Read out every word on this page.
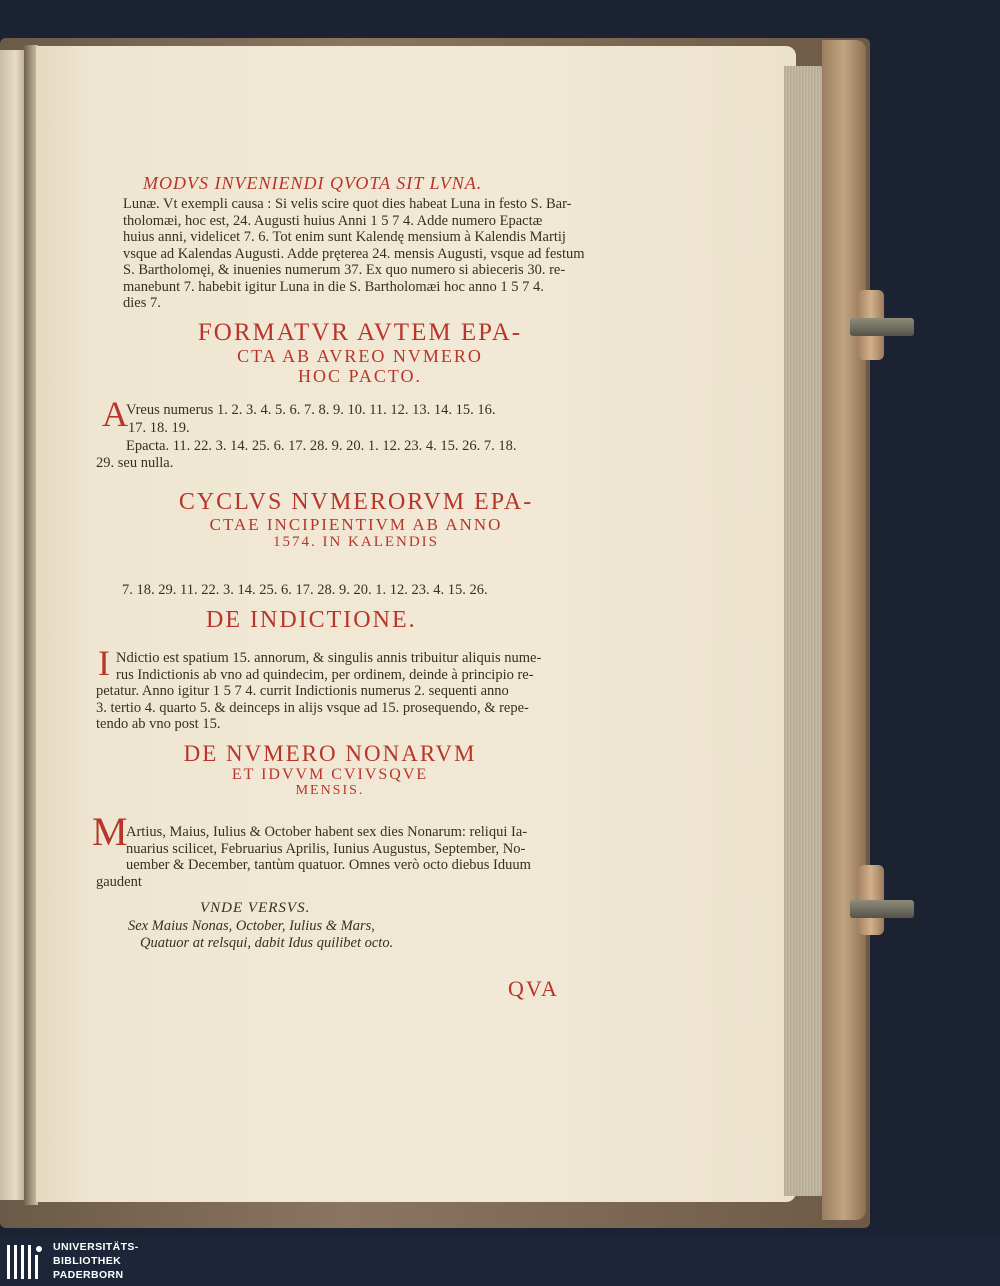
MODVS INVENIENDI QVOTA SIT LVNA.
Lunæ. Vt exempli causa : Si velis scire quot dies habeat Luna in festo S. Bar-
tholomæi, hoc est, 24. Augusti huius Anni 1 5 7 4. Adde numero Epactæ
huius anni, videlicet 7. 6. Tot enim sunt Kalendę mensium à Kalendis Martij
vsque ad Kalendas Augusti. Adde pręterea 24. mensis Augusti, vsque ad festum
S. Bartholomęi, & inuenies numerum 37. Ex quo numero si abieceris 30. re-
manebunt 7. habebit igitur Luna in die S. Bartholomæi hoc anno 1 5 7 4.
dies 7.
FORMATVR AVTEM EPA-
CTA AB AVREO NVMERO
HOC PACTO.
A
Vreus numerus 1. 2. 3. 4. 5. 6. 7. 8. 9. 10. 11. 12. 13. 14. 15. 16.
17. 18. 19.
Epacta. 11. 22. 3. 14. 25. 6. 17. 28. 9. 20. 1. 12. 23. 4. 15. 26. 7. 18.
29. seu nulla.
CYCLVS NVMERORVM EPA-
CTAE INCIPIENTIVM AB ANNO
1574. IN KALENDIS
7. 18. 29. 11. 22. 3. 14. 25. 6. 17. 28. 9. 20. 1. 12. 23. 4. 15. 26.
DE INDICTIONE.
I Ndictio est spatium 15. annorum, & singulis annis tribuitur aliquis nume-
rus Indictionis ab vno ad quindecim, per ordinem, deinde à principio re-
petatur. Anno igitur 1 5 7 4. currit Indictionis numerus 2. sequenti anno
3. tertio 4. quarto 5. & deinceps in alijs vsque ad 15. prosequendo, & repe-
tendo ab vno post 15.
DE NVMERO NONARVM
ET IDVVM CVIVSQVE
MENSIS.
M
Artius, Maius, Iulius & October habent sex dies Nonarum: reliqui Ia-
nuarius scilicet, Februarius Aprilis, Iunius Augustus, September, No-
uember & December, tantùm quatuor. Omnes verò octo diebus Iduum
gaudent
VNDE VERSVS.
Sex Maius Nonas, October, Iulius & Mars,
Quatuor at relsqui, dabit Idus quilibet octo.
QVA
UNIVERSITÄTS-
BIBLIOTHEK
PADERBORN
